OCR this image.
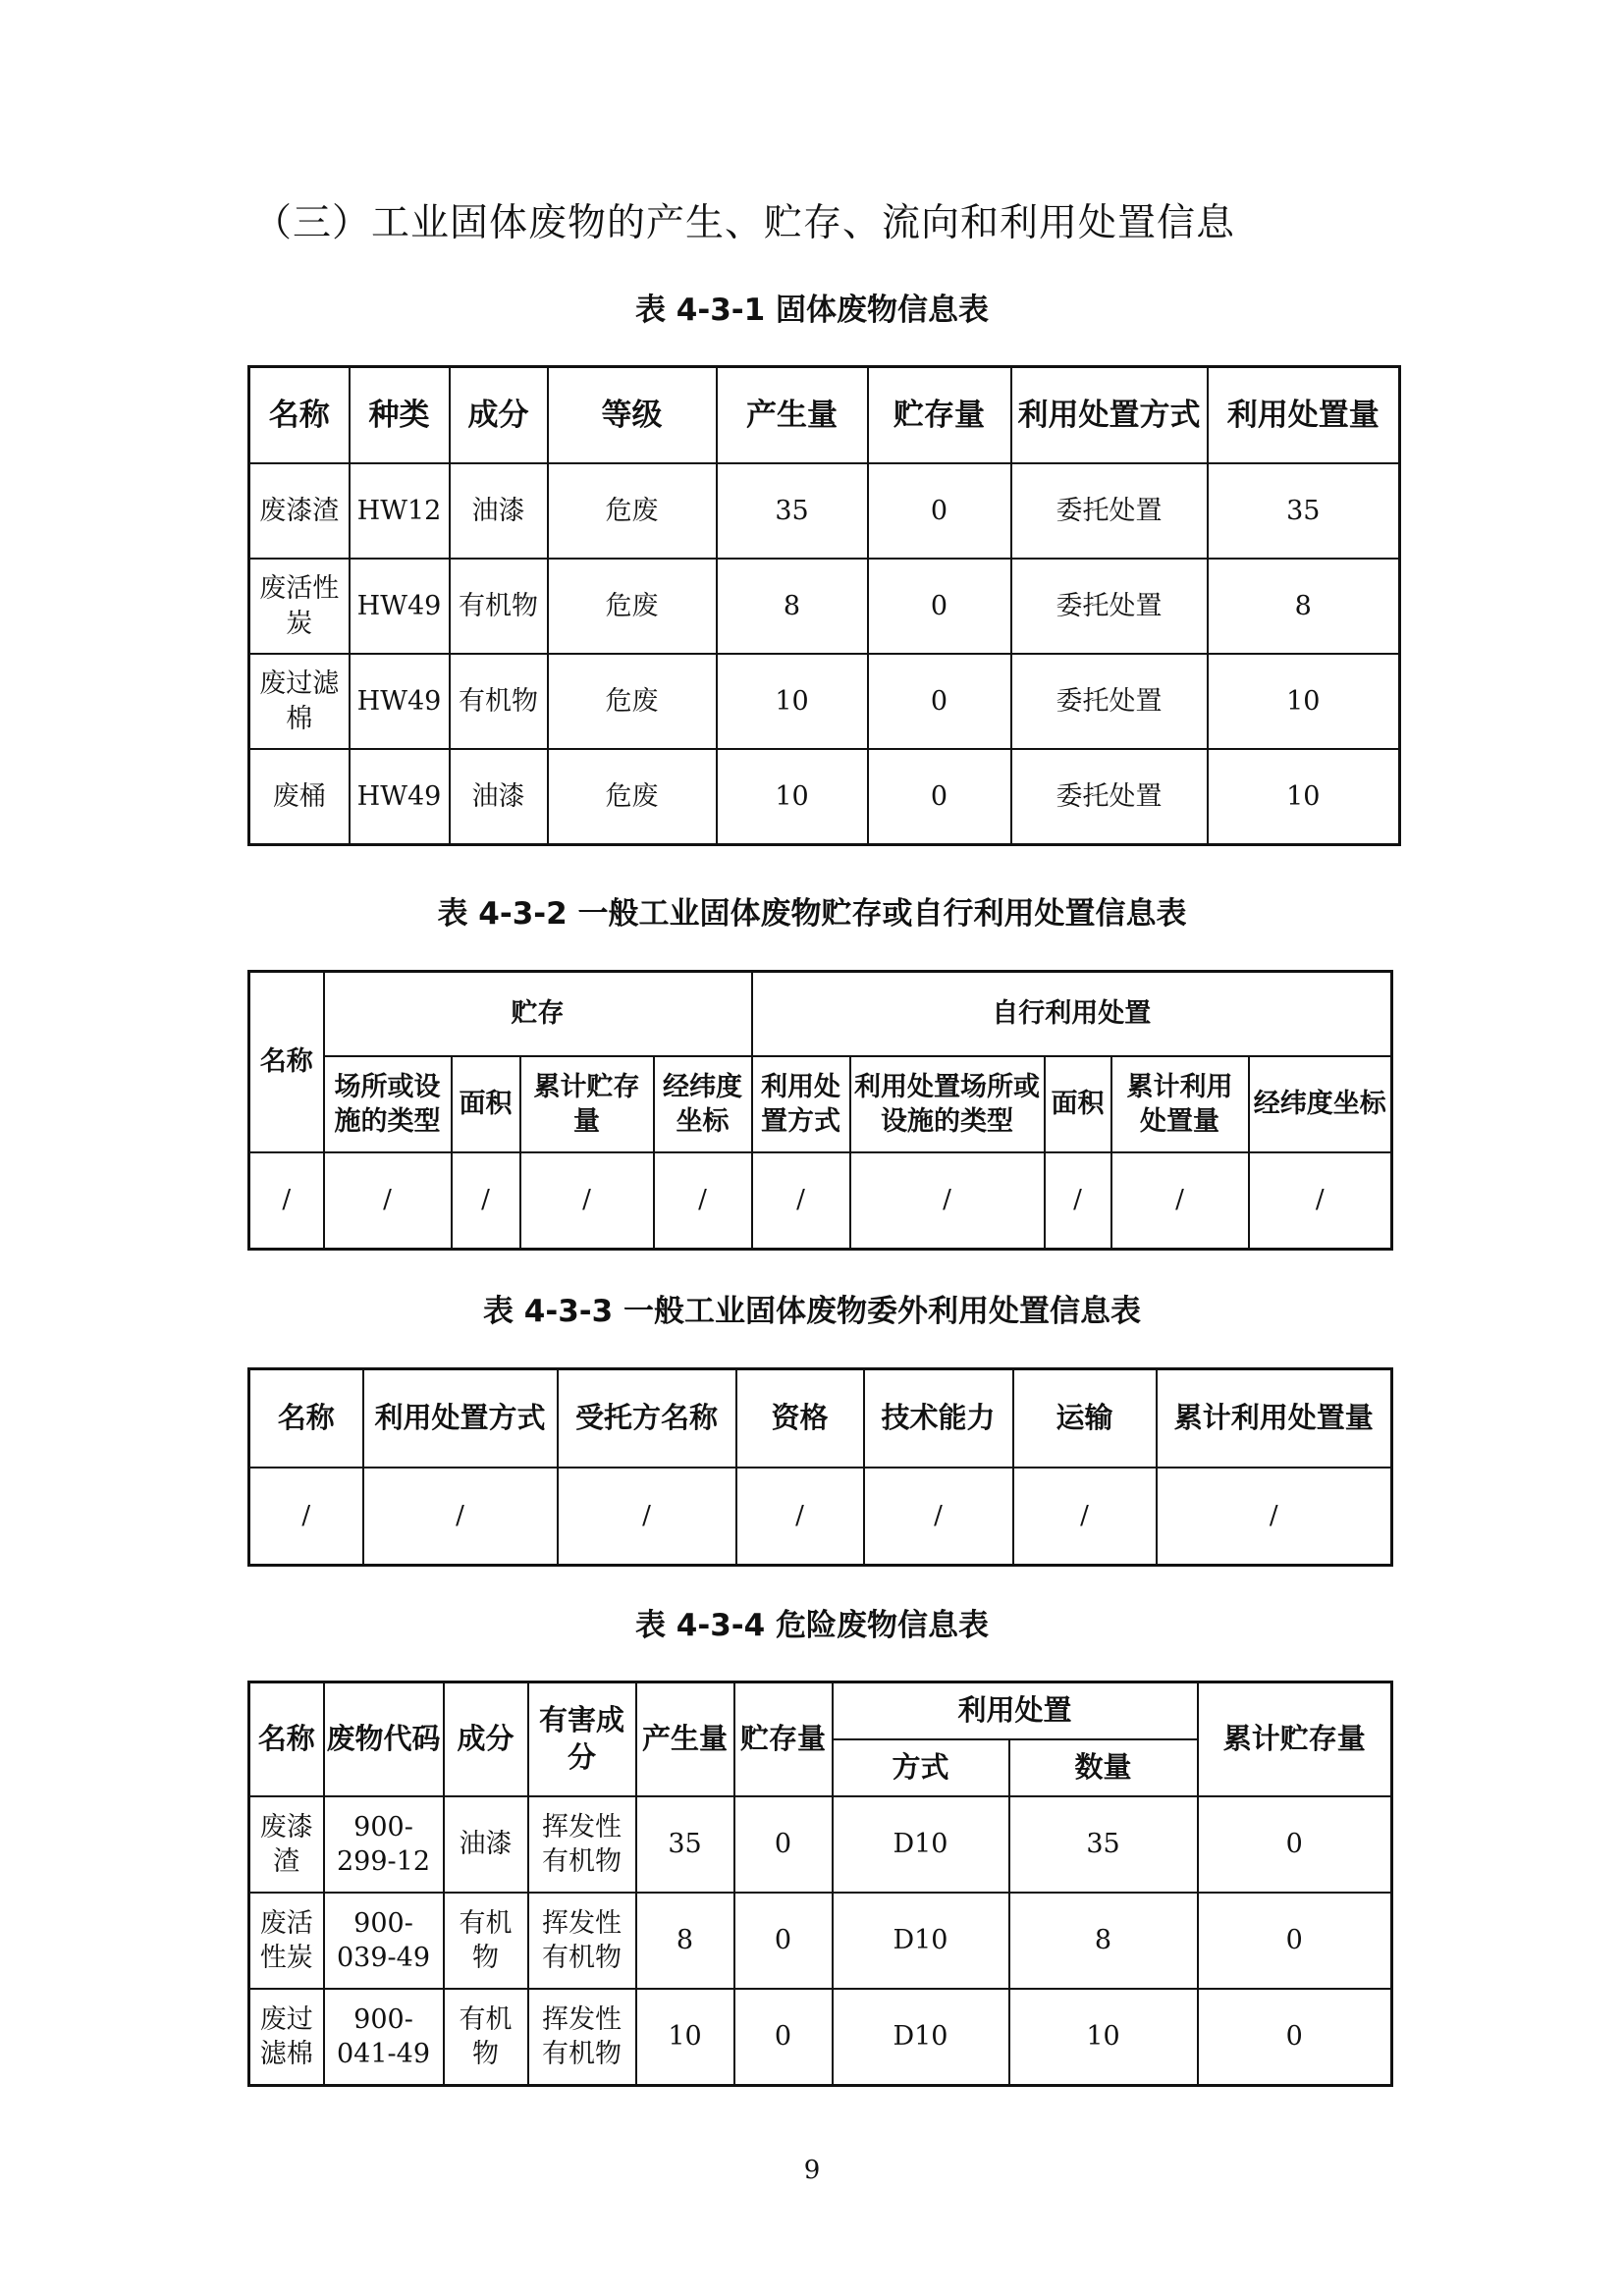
（三）工业固体废物的产生、贮存、流向和利用处置信息
表 4-3-1 固体废物信息表
名称	种类	成分	等级	产生量	贮存量	利用处置方式	利用处置量
废漆渣	HW12	油漆	危废	35	0	委托处置	35
废活性炭	HW49	有机物	危废	8	0	委托处置	8
废过滤棉	HW49	有机物	危废	10	0	委托处置	10
废桶	HW49	油漆	危废	10	0	委托处置	10
表 4-3-2 一般工业固体废物贮存或自行利用处置信息表
名称	贮存				自行利用处置				
	场所或设施的类型	面积	累计贮存量	经纬度坐标	利用处置方式	利用处置场所或设施的类型	面积	累计利用处置量	经纬度坐标
/	/	/	/	/	/	/	/	/	/
表 4-3-3 一般工业固体废物委外利用处置信息表
名称	利用处置方式	受托方名称	资格	技术能力	运输	累计利用处置量
/	/	/	/	/	/	/
表 4-3-4 危险废物信息表
名称	废物代码	成分	有害成分	产生量	贮存量	利用处置		累计贮存量
						方式	数量	
废漆渣	900-299-12	油漆	挥发性有机物	35	0	D10	35	0
废活性炭	900-039-49	有机物	挥发性有机物	8	0	D10	8	0
废过滤棉	900-041-49	有机物	挥发性有机物	10	0	D10	10	0
9
